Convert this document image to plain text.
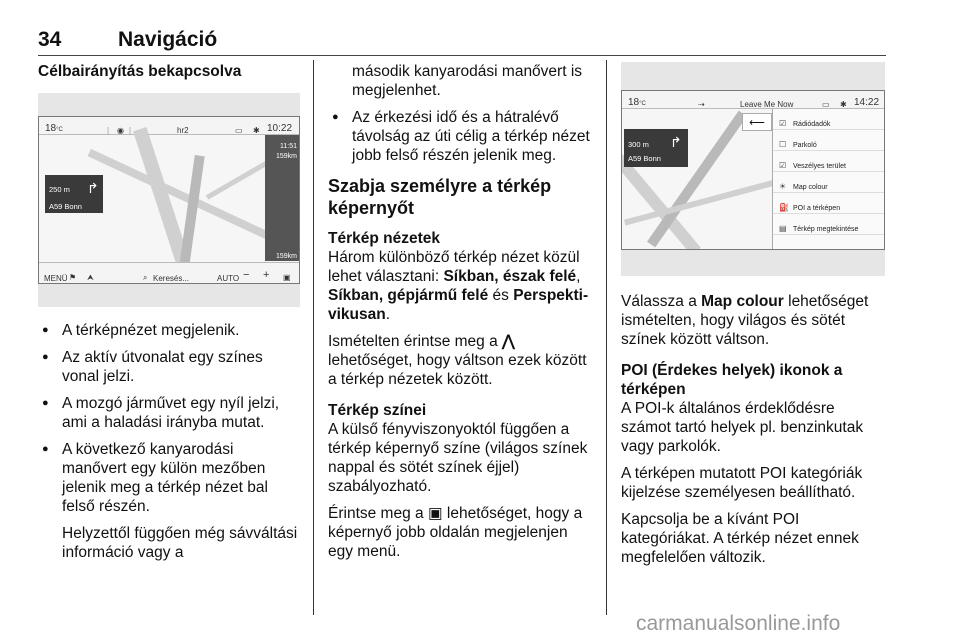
34	Navigáció
Célbairányítás bekapcsolva
18°C	| ◉ |	hr2	▭ ✱ 10:22
250 m
A59 Bonn
↱
11:51
159km
159km
MENÜ ⚑ ⮝	⌕ Keresés...	AUTO − + ▣

● A térképnézet megjelenik.

● Az aktív útvonalat egy színes vonal jelzi.

● A mozgó járművet egy nyíl jelzi, ami a haladási irányba mutat.

● A következő kanyarodási manővert egy külön mezőben jelenik meg a térkép nézet bal felső részén.

Helyzettől függően még sávváltási információ vagy a

második kanyarodási manővert is megjelenhet.

● Az érkezési idő és a hátralévő távolság az úti célig a térkép nézet jobb felső részén jelenik meg.

Szabja személyre a térkép képernyőt
Térkép nézetek

Három különböző térkép nézet közül lehet választani: Síkban, észak felé, Síkban, gépjármű felé és Perspektivikusan.

Ismételten érintse meg a ⋀ lehetőséget, hogy váltson ezek között a térkép nézetek között.

Térkép színei

A külső fényviszonyoktól függően a térkép képernyő színe (világos színek nappal és sötét színek éjjel) szabályozható.

Érintse meg a ▣ lehetőséget, hogy a képernyő jobb oldalán megjelenjen egy menü.

18°C	⇢	Leave Me Now	▭ ✱ 14:22
300 m
A59 Bonn
↱
⟵	☑ Rádiódadók
☐ Parkoló
☑ Veszélyes terület
☀ Map colour
⛽ POI a térképen
▤ Térkép megtekintése

Válassza a Map colour lehetőséget ismételten, hogy világos és sötét színek között váltson.

POI (Érdekes helyek) ikonok a térképen

A POI-k általános érdeklődésre számot tartó helyek pl. benzinkutak vagy parkolók.

A térképen mutatott POI kategóriák kijelzése személyesen beállítható.

Kapcsolja be a kívánt POI kategóriákat. A térkép nézet ennek megfelelően változik.

carmanualsonline.info
